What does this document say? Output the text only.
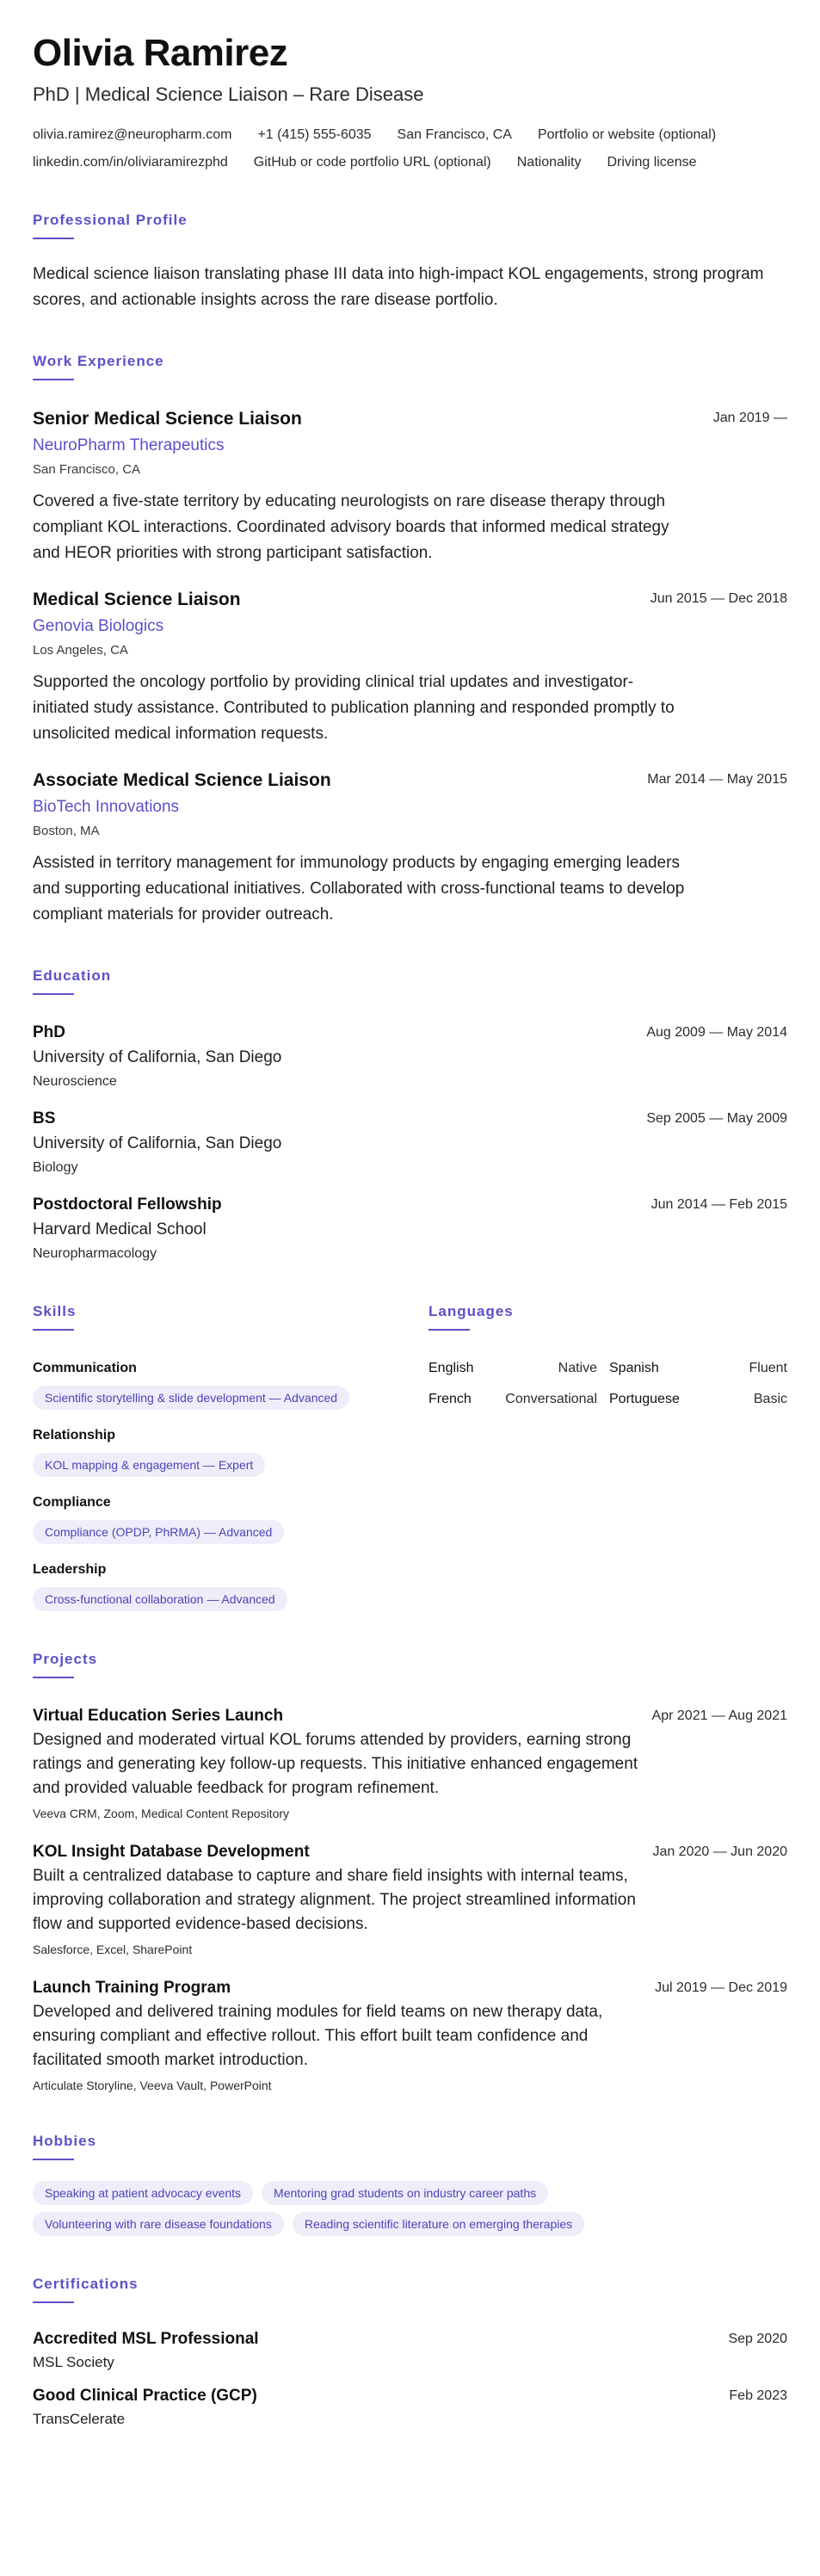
Olivia Ramirez
PhD | Medical Science Liaison – Rare Disease
olivia.ramirez@neuropharm.com +1 (415) 555-6035 San Francisco, CA Portfolio or website (optional)
linkedin.com/in/oliviaramirezphd GitHub or code portfolio URL (optional) Nationality Driving license
Professional Profile

Medical science liaison translating phase III data into high-impact KOL engagements, strong program scores, and actionable insights across the rare disease portfolio.

Work Experience
Senior Medical Science Liaison	Jan 2019 —
NeuroPharm Therapeutics
San Francisco, CA

Covered a five-state territory by educating neurologists on rare disease therapy through compliant KOL interactions. Coordinated advisory boards that informed medical strategy and HEOR priorities with strong participant satisfaction.

Medical Science Liaison	Jun 2015 — Dec 2018
Genovia Biologics
Los Angeles, CA

Supported the oncology portfolio by providing clinical trial updates and investigator-initiated study assistance. Contributed to publication planning and responded promptly to unsolicited medical information requests.

Associate Medical Science Liaison	Mar 2014 — May 2015
BioTech Innovations
Boston, MA

Assisted in territory management for immunology products by engaging emerging leaders and supporting educational initiatives. Collaborated with cross-functional teams to develop compliant materials for provider outreach.

Education
PhD	Aug 2009 — May 2014
University of California, San Diego
Neuroscience
BS	Sep 2005 — May 2009
University of California, San Diego
Biology
Postdoctoral Fellowship	Jun 2014 — Feb 2015
Harvard Medical School
Neuropharmacology
Skills
Communication
Scientific storytelling & slide development — Advanced
Relationship
KOL mapping & engagement — Expert
Compliance
Compliance (OPDP, PhRMA) — Advanced
Leadership
Cross-functional collaboration — Advanced
Languages
English	Native Spanish	Fluent
French Conversational Portuguese	Basic
Projects
Virtual Education Series Launch	Apr 2021 — Aug 2021

Designed and moderated virtual KOL forums attended by providers, earning strong ratings and generating key follow-up requests. This initiative enhanced engagement and provided valuable feedback for program refinement.

Veeva CRM, Zoom, Medical Content Repository
KOL Insight Database Development	Jan 2020 — Jun 2020

Built a centralized database to capture and share field insights with internal teams, improving collaboration and strategy alignment. The project streamlined information flow and supported evidence-based decisions.

Salesforce, Excel, SharePoint
Launch Training Program	Jul 2019 — Dec 2019

Developed and delivered training modules for field teams on new therapy data, ensuring compliant and effective rollout. This effort built team confidence and facilitated smooth market introduction.

Articulate Storyline, Veeva Vault, PowerPoint
Hobbies
Speaking at patient advocacy events	Mentoring grad students on industry career paths
Volunteering with rare disease foundations	Reading scientific literature on emerging therapies
Certifications
Accredited MSL Professional	Sep 2020
MSL Society
Good Clinical Practice (GCP)	Feb 2023
TransCelerate
